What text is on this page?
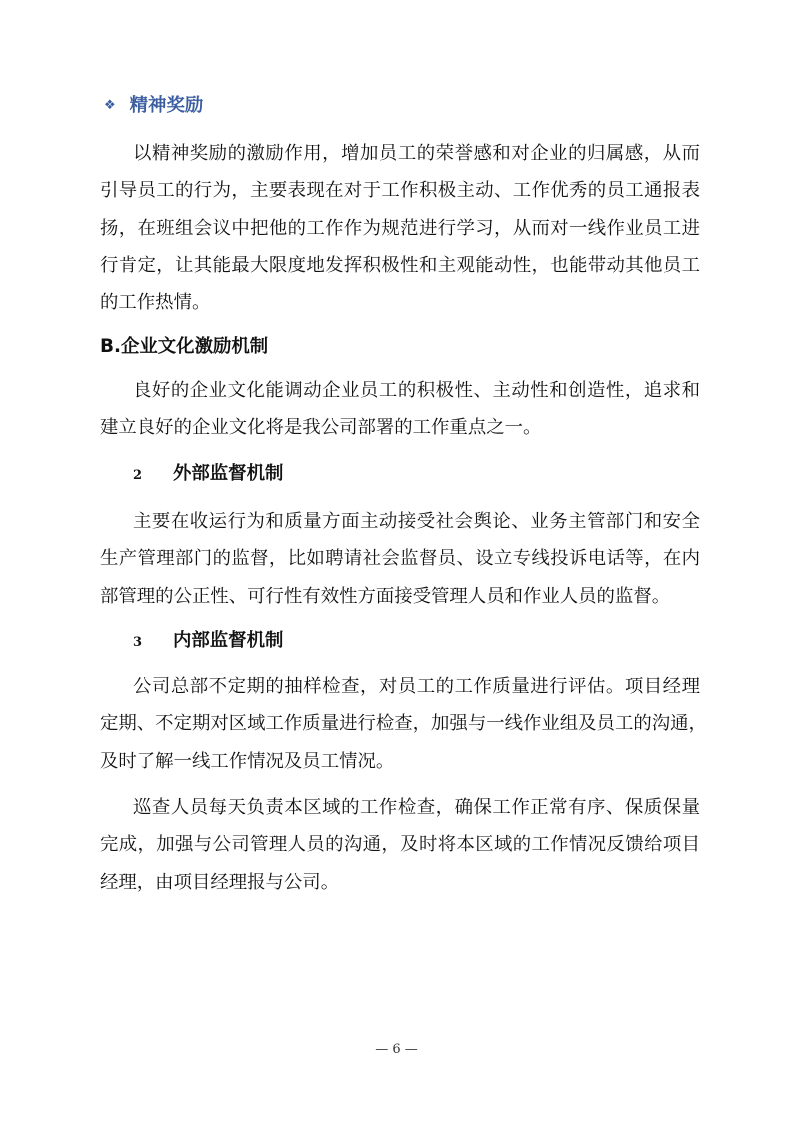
❖ 精神奖励
以精神奖励的激励作用，增加员工的荣誉感和对企业的归属感，从而
引导员工的行为，主要表现在对于工作积极主动、工作优秀的员工通报表
扬，在班组会议中把他的工作作为规范进行学习，从而对一线作业员工进
行肯定，让其能最大限度地发挥积极性和主观能动性，也能带动其他员工
的工作热情。
B.企业文化激励机制
良好的企业文化能调动企业员工的积极性、主动性和创造性，追求和
建立良好的企业文化将是我公司部署的工作重点之一。
2 外部监督机制
主要在收运行为和质量方面主动接受社会舆论、业务主管部门和安全
生产管理部门的监督，比如聘请社会监督员、设立专线投诉电话等，在内
部管理的公正性、可行性有效性方面接受管理人员和作业人员的监督。
3 内部监督机制
公司总部不定期的抽样检查，对员工的工作质量进行评估。项目经理
定期、不定期对区域工作质量进行检查，加强与一线作业组及员工的沟通，
及时了解一线工作情况及员工情况。
巡查人员每天负责本区域的工作检查，确保工作正常有序、保质保量
完成，加强与公司管理人员的沟通，及时将本区域的工作情况反馈给项目
经理，由项目经理报与公司。
— 6 —
